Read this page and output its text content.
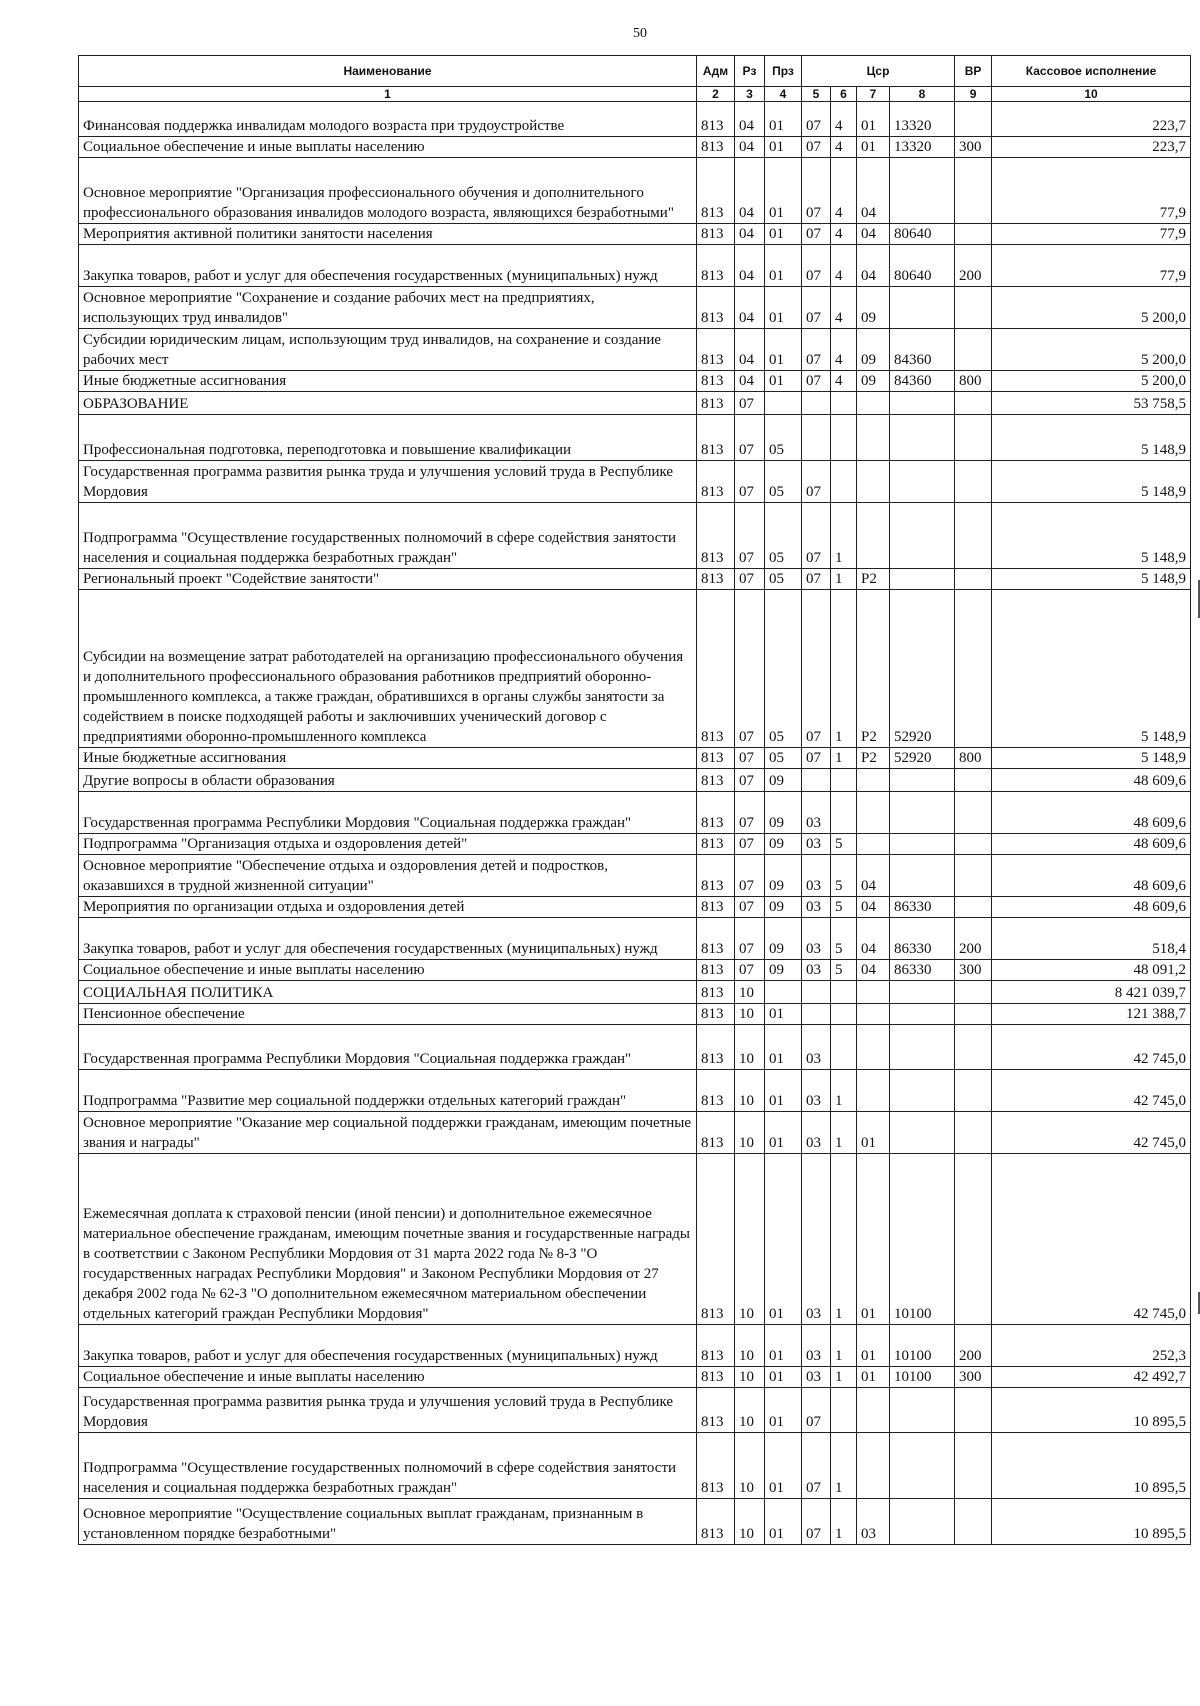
50
Наименование	Адм	Рз	Прз	Цср				ВР	Кассовое исполнение
1	2	3	4	5	6	7	8	9	10
Финансовая поддержка инвалидам молодого возраста при трудоустройстве	813	04	01	07	4	01	13320		223,7
Социальное обеспечение и иные выплаты населению	813	04	01	07	4	01	13320	300	223,7
Основное мероприятие "Организация профессионального обучения и дополнительного профессионального образования инвалидов молодого возраста, являющихся безработными"	813	04	01	07	4	04			77,9
Мероприятия активной политики занятости населения	813	04	01	07	4	04	80640		77,9
Закупка товаров, работ и услуг для обеспечения государственных (муниципальных) нужд	813	04	01	07	4	04	80640	200	77,9
Основное мероприятие "Сохранение и создание рабочих мест на предприятиях, использующих труд инвалидов"	813	04	01	07	4	09			5 200,0
Субсидии юридическим лицам, использующим труд инвалидов, на сохранение и создание рабочих мест	813	04	01	07	4	09	84360		5 200,0
Иные бюджетные ассигнования	813	04	01	07	4	09	84360	800	5 200,0
ОБРАЗОВАНИЕ	813	07							53 758,5
Профессиональная подготовка, переподготовка и повышение квалификации	813	07	05						5 148,9
Государственная программа развития рынка труда и улучшения условий труда в Республике Мордовия	813	07	05	07					5 148,9
Подпрограмма "Осуществление государственных полномочий в сфере содействия занятости населения и социальная поддержка безработных граждан"	813	07	05	07	1				5 148,9
Региональный проект "Содействие занятости"	813	07	05	07	1	P2			5 148,9
Субсидии на возмещение затрат работодателей на организацию профессионального обучения и дополнительного профессионального образования работников предприятий оборонно-промышленного комплекса, а также граждан, обратившихся в органы службы занятости за содействием в поиске подходящей работы и заключивших ученический договор с предприятиями оборонно-промышленного комплекса	813	07	05	07	1	P2	52920		5 148,9
Иные бюджетные ассигнования	813	07	05	07	1	P2	52920	800	5 148,9
Другие вопросы в области образования	813	07	09						48 609,6
Государственная программа Республики Мордовия "Социальная поддержка граждан"	813	07	09	03					48 609,6
Подпрограмма "Организация отдыха и оздоровления детей"	813	07	09	03	5				48 609,6
Основное мероприятие "Обеспечение отдыха и оздоровления детей и подростков, оказавшихся в трудной жизненной ситуации"	813	07	09	03	5	04			48 609,6
Мероприятия по организации отдыха и оздоровления детей	813	07	09	03	5	04	86330		48 609,6
Закупка товаров, работ и услуг для обеспечения государственных (муниципальных) нужд	813	07	09	03	5	04	86330	200	518,4
Социальное обеспечение и иные выплаты населению	813	07	09	03	5	04	86330	300	48 091,2
СОЦИАЛЬНАЯ ПОЛИТИКА	813	10							8 421 039,7
Пенсионное обеспечение	813	10	01						121 388,7
Государственная программа Республики Мордовия "Социальная поддержка граждан"	813	10	01	03					42 745,0
Подпрограмма "Развитие мер социальной поддержки отдельных категорий граждан"	813	10	01	03	1				42 745,0
Основное мероприятие "Оказание мер социальной поддержки гражданам, имеющим почетные звания и награды"	813	10	01	03	1	01			42 745,0
Ежемесячная доплата к страховой пенсии (иной пенсии) и дополнительное ежемесячное материальное обеспечение гражданам, имеющим почетные звания и государственные награды в соответствии с Законом Республики Мордовия от 31 марта 2022 года № 8-З "О государственных наградах Республики Мордовия" и Законом Республики Мордовия от 27 декабря 2002 года № 62-З "О дополнительном ежемесячном материальном обеспечении отдельных категорий граждан Республики Мордовия"	813	10	01	03	1	01	10100		42 745,0
Закупка товаров, работ и услуг для обеспечения государственных (муниципальных) нужд	813	10	01	03	1	01	10100	200	252,3
Социальное обеспечение и иные выплаты населению	813	10	01	03	1	01	10100	300	42 492,7
Государственная программа развития рынка труда и улучшения условий труда в Республике Мордовия	813	10	01	07					10 895,5
Подпрограмма "Осуществление государственных полномочий в сфере содействия занятости населения и социальная поддержка безработных граждан"	813	10	01	07	1				10 895,5
Основное мероприятие "Осуществление социальных выплат гражданам, признанным в установленном порядке безработными"	813	10	01	07	1	03			10 895,5
